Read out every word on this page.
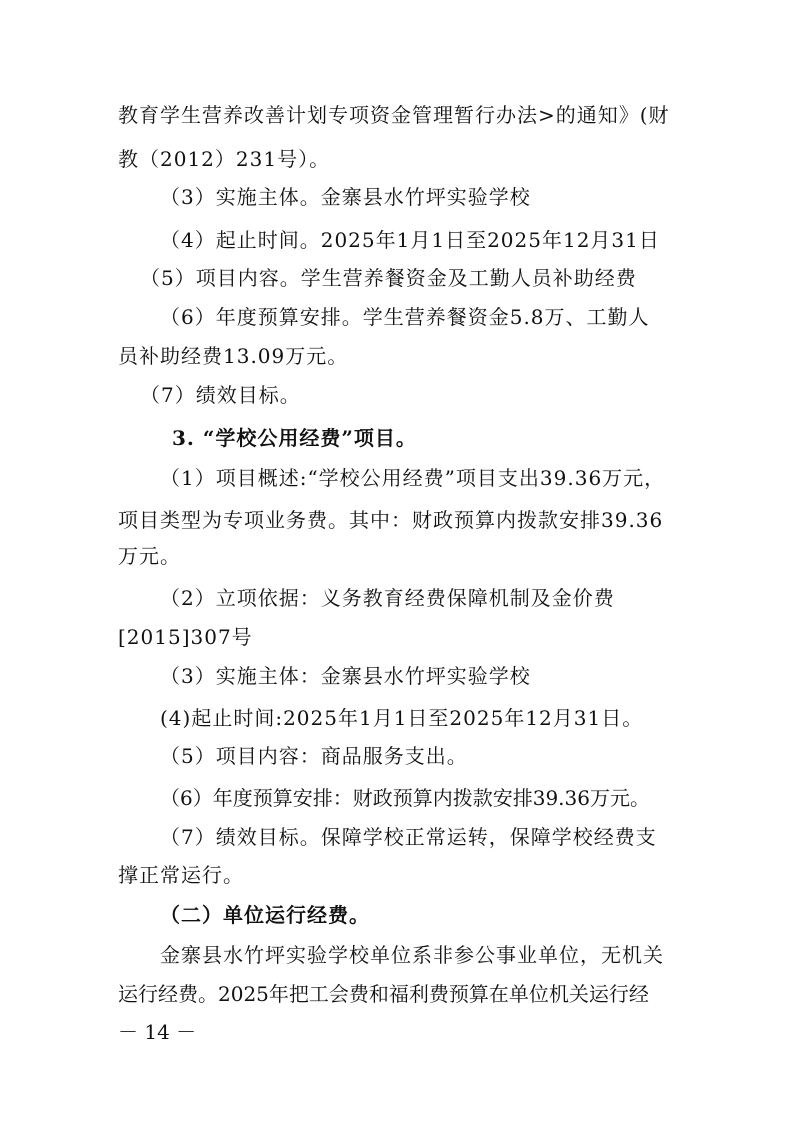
教育学生营养改善计划专项资金管理暂行办法>的通知》(财
教（2012）231号）。
（3）实施主体。金寨县水竹坪实验学校
（4）起止时间。2025年1月1日至2025年12月31日
（5）项目内容。学生营养餐资金及工勤人员补助经费
（6）年度预算安排。学生营养餐资金5.8万、工勤人
员补助经费13.09万元。
（7）绩效目标。
3. “学校公用经费”项目。
（1）项目概述:“学校公用经费”项目支出39.36万元，
项目类型为专项业务费。其中：财政预算内拨款安排39.36
万元。
（2）立项依据：义务教育经费保障机制及金价费
[2015]307号
（3）实施主体：金寨县水竹坪实验学校
(4)起止时间:2025年1月1日至2025年12月31日。
（5）项目内容：商品服务支出。
（6）年度预算安排：财政预算内拨款安排39.36万元。
（7）绩效目标。保障学校正常运转，保障学校经费支
撑正常运行。
（二）单位运行经费。
金寨县水竹坪实验学校单位系非参公事业单位，无机关
运行经费。2025年把工会费和福利费预算在单位机关运行经
－ 14 －
